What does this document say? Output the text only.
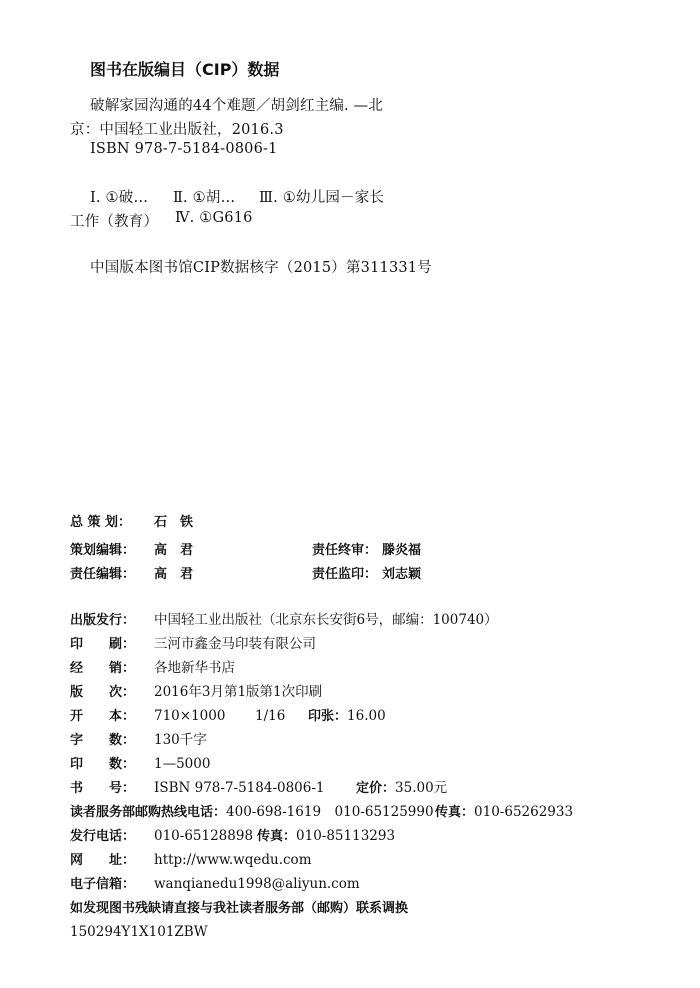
图书在版编目（CIP）数据
破解家园沟通的44个难题／胡剑红主编. —北
京：中国轻工业出版社，2016.3
ISBN 978-7-5184-0806-1
Ⅰ. ①破… Ⅱ. ①胡… Ⅲ. ①幼儿园－家长
工作（教育） Ⅳ. ①G616
中国版本图书馆CIP数据核字（2015）第311331号
总 策 划： 石　铁
策划编辑： 高　君	责任终审： 滕炎福
责任编辑： 高　君	责任监印： 刘志颖
出版发行： 中国轻工业出版社（北京东长安街6号，邮编：100740）
印　　刷： 三河市鑫金马印装有限公司
经　　销： 各地新华书店
版　　次： 2016年3月第1版第1次印刷
开　　本： 710×1000 1/16 印张：16.00
字　　数： 130千字
印　　数： 1—5000
书　　号： ISBN 978-7-5184-0806-1 定价：35.00元
读者服务部邮购热线电话：400-698-1619　010-65125990传真：010-65262933
发行电话： 010-65128898 传真：010-85113293
网　　址： http://www.wqedu.com
电子信箱： wanqianedu1998@aliyun.com
如发现图书残缺请直接与我社读者服务部（邮购）联系调换
150294Y1X101ZBW
